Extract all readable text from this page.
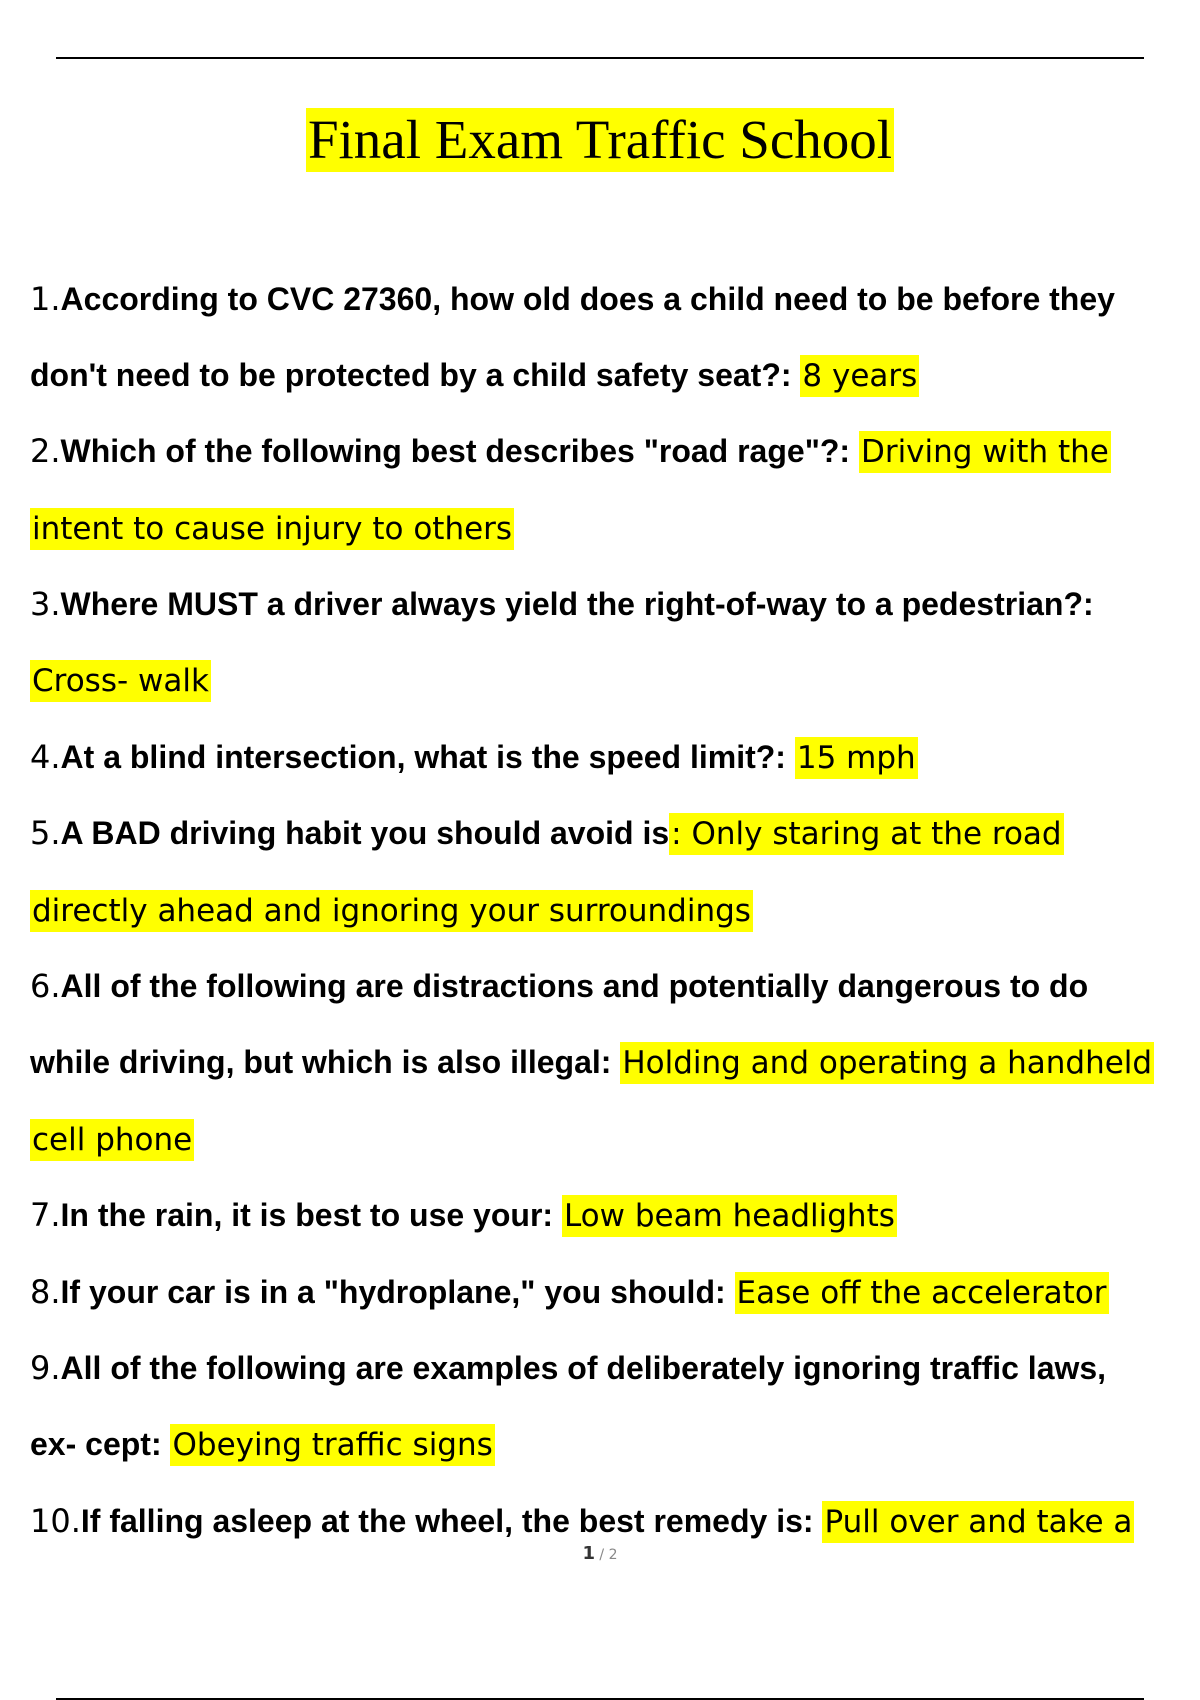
Final Exam Traffic School
1.According to CVC 27360, how old does a child need to be before they
don't need to be protected by a child safety seat?: 8 years
2.Which of the following best describes "road rage"?: Driving with the
intent to cause injury to others
3.Where MUST a driver always yield the right-of-way to a pedestrian?:
Cross- walk
4.At a blind intersection, what is the speed limit?: 15 mph
5.A BAD driving habit you should avoid is: Only staring at the road
directly ahead and ignoring your surroundings
6.All of the following are distractions and potentially dangerous to do
while driving, but which is also illegal: Holding and operating a handheld
cell phone
7.In the rain, it is best to use your: Low beam headlights
8.If your car is in a "hydroplane," you should: Ease off the accelerator
9.All of the following are examples of deliberately ignoring traffic laws,
ex- cept: Obeying traffic signs
10.If falling asleep at the wheel, the best remedy is: Pull over and take a
1 / 2
